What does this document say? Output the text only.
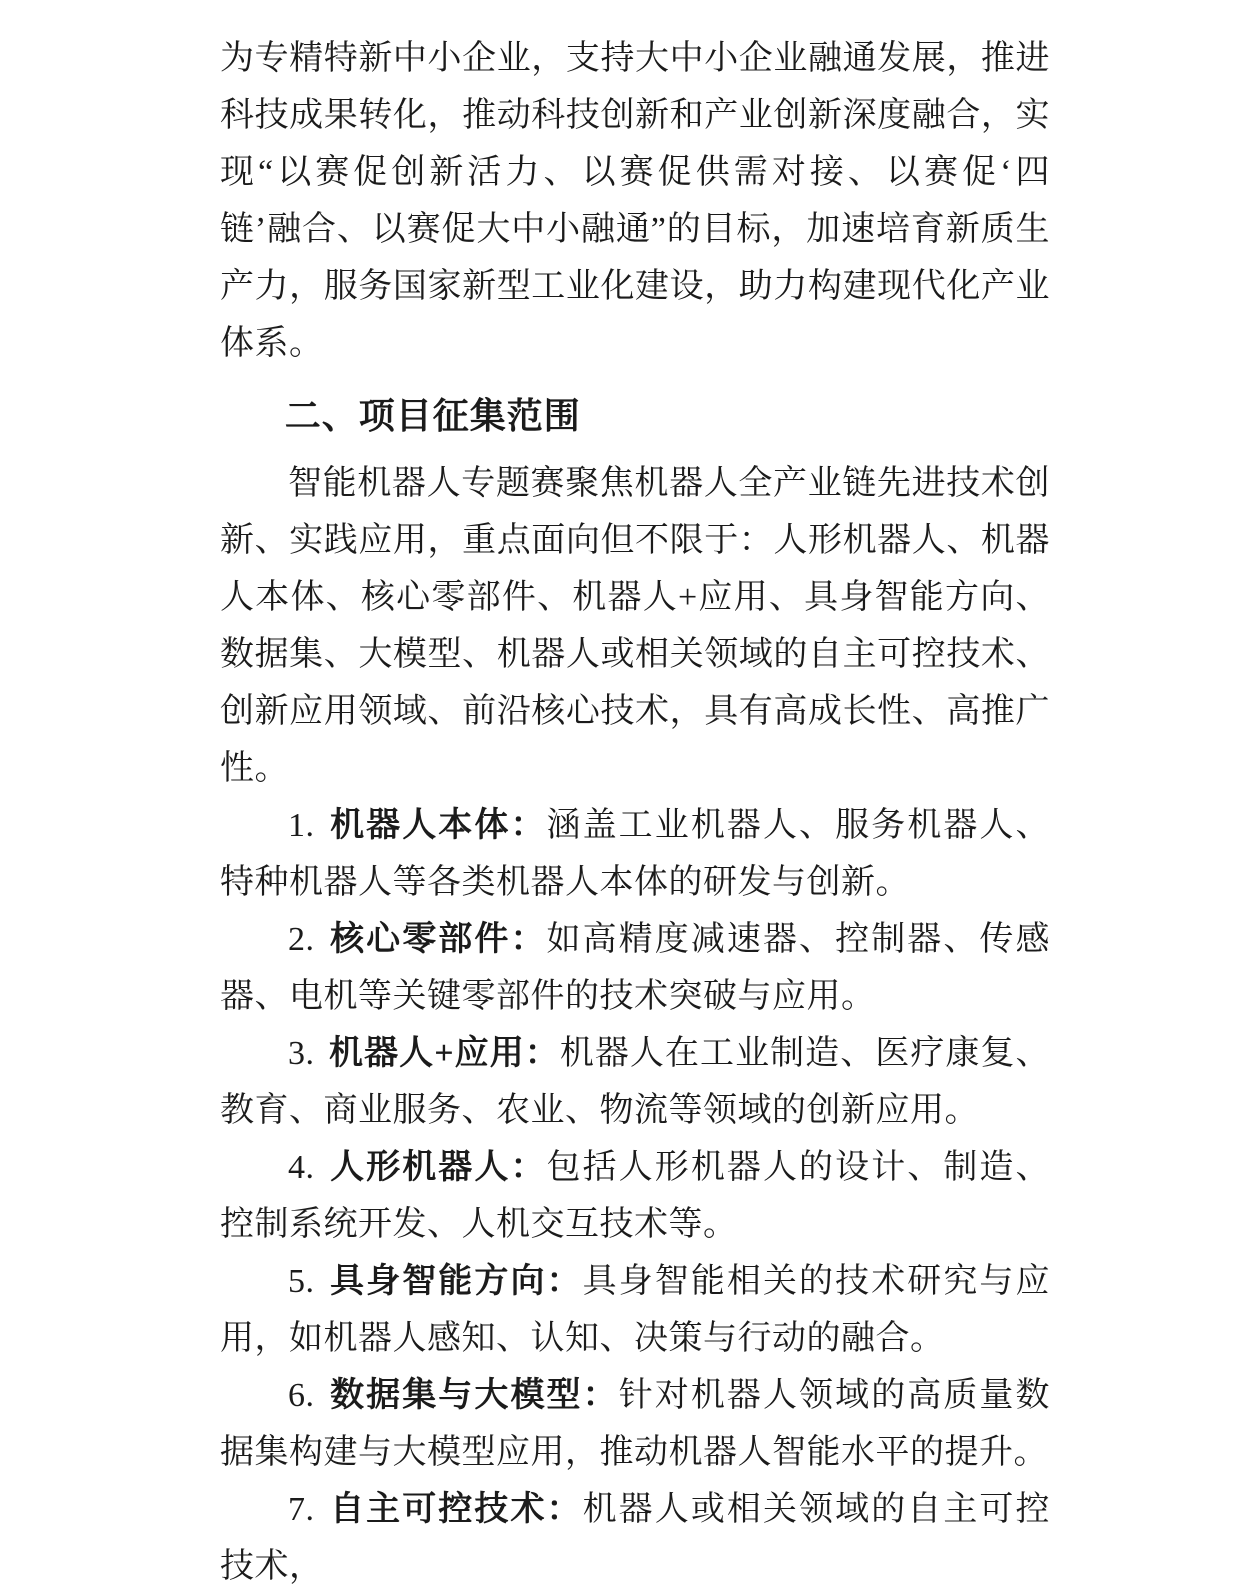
为专精特新中小企业，支持大中小企业融通发展，推进科技成果转化，推动科技创新和产业创新深度融合，实现“以赛促创新活力、以赛促供需对接、以赛促‘四链’融合、以赛促大中小融通”的目标，加速培育新质生产力，服务国家新型工业化建设，助力构建现代化产业体系。

二、项目征集范围

智能机器人专题赛聚焦机器人全产业链先进技术创新、实践应用，重点面向但不限于：人形机器人、机器人本体、核心零部件、机器人+应用、具身智能方向、数据集、大模型、机器人或相关领域的自主可控技术、创新应用领域、前沿核心技术，具有高成长性、高推广性。

1. 机器人本体：涵盖工业机器人、服务机器人、特种机器人等各类机器人本体的研发与创新。

2. 核心零部件：如高精度减速器、控制器、传感器、电机等关键零部件的技术突破与应用。

3. 机器人+应用：机器人在工业制造、医疗康复、教育、商业服务、农业、物流等领域的创新应用。

4. 人形机器人：包括人形机器人的设计、制造、控制系统开发、人机交互技术等。

5. 具身智能方向：具身智能相关的技术研究与应用，如机器人感知、认知、决策与行动的融合。

6. 数据集与大模型：针对机器人领域的高质量数据集构建与大模型应用，推动机器人智能水平的提升。

7. 自主可控技术：机器人或相关领域的自主可控技术，
